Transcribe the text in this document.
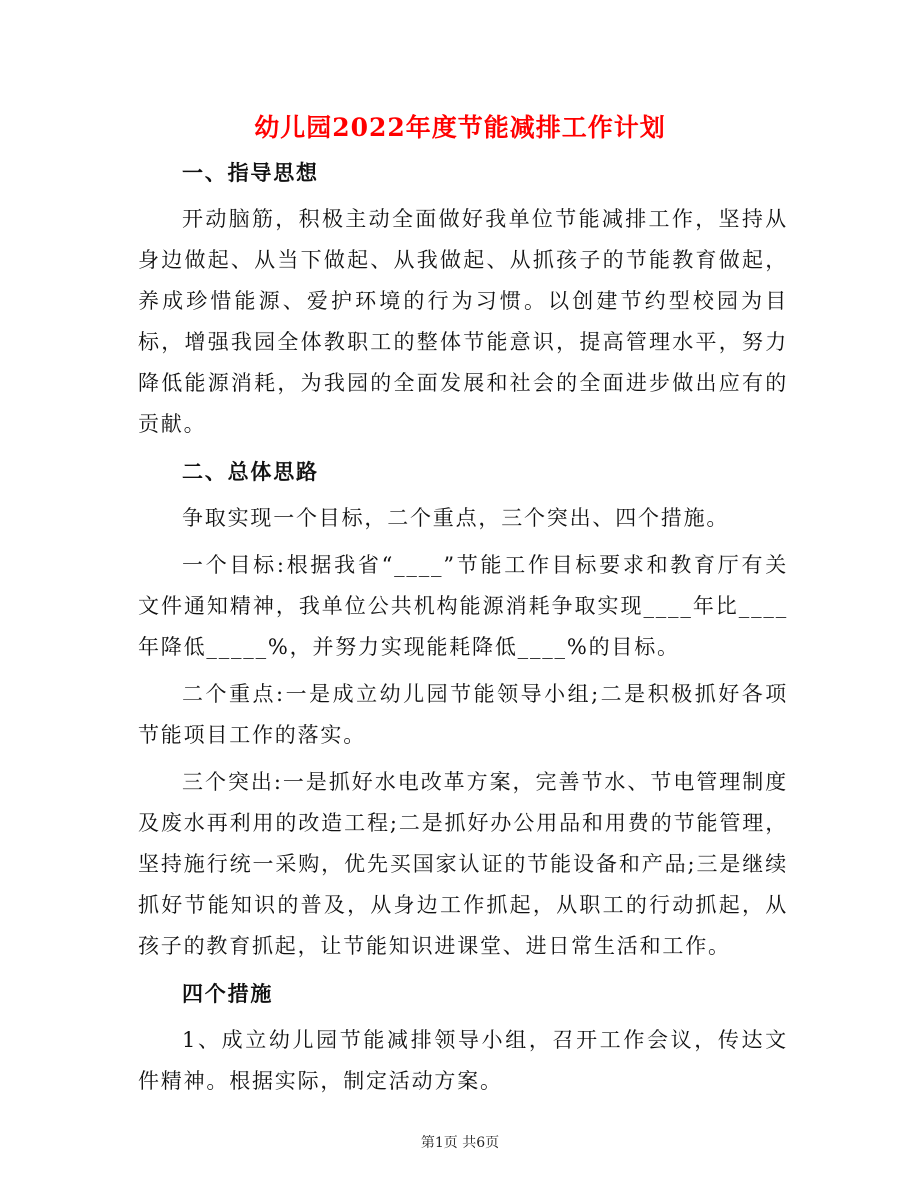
幼儿园2022年度节能减排工作计划
一、指导思想
开动脑筋，积极主动全面做好我单位节能减排工作，坚持从身边做起、从当下做起、从我做起、从抓孩子的节能教育做起，养成珍惜能源、爱护环境的行为习惯。以创建节约型校园为目标，增强我园全体教职工的整体节能意识，提高管理水平，努力降低能源消耗，为我园的全面发展和社会的全面进步做出应有的贡献。
二、总体思路
争取实现一个目标，二个重点，三个突出、四个措施。
一个目标:根据我省“____”节能工作目标要求和教育厅有关文件通知精神，我单位公共机构能源消耗争取实现____年比____年降低_____%，并努力实现能耗降低____%的目标。
二个重点:一是成立幼儿园节能领导小组;二是积极抓好各项节能项目工作的落实。
三个突出:一是抓好水电改革方案，完善节水、节电管理制度及废水再利用的改造工程;二是抓好办公用品和用费的节能管理，坚持施行统一采购，优先买国家认证的节能设备和产品;三是继续抓好节能知识的普及，从身边工作抓起，从职工的行动抓起，从孩子的教育抓起，让节能知识进课堂、进日常生活和工作。
四个措施
1、成立幼儿园节能减排领导小组，召开工作会议，传达文件精神。根据实际，制定活动方案。
第1页 共6页
